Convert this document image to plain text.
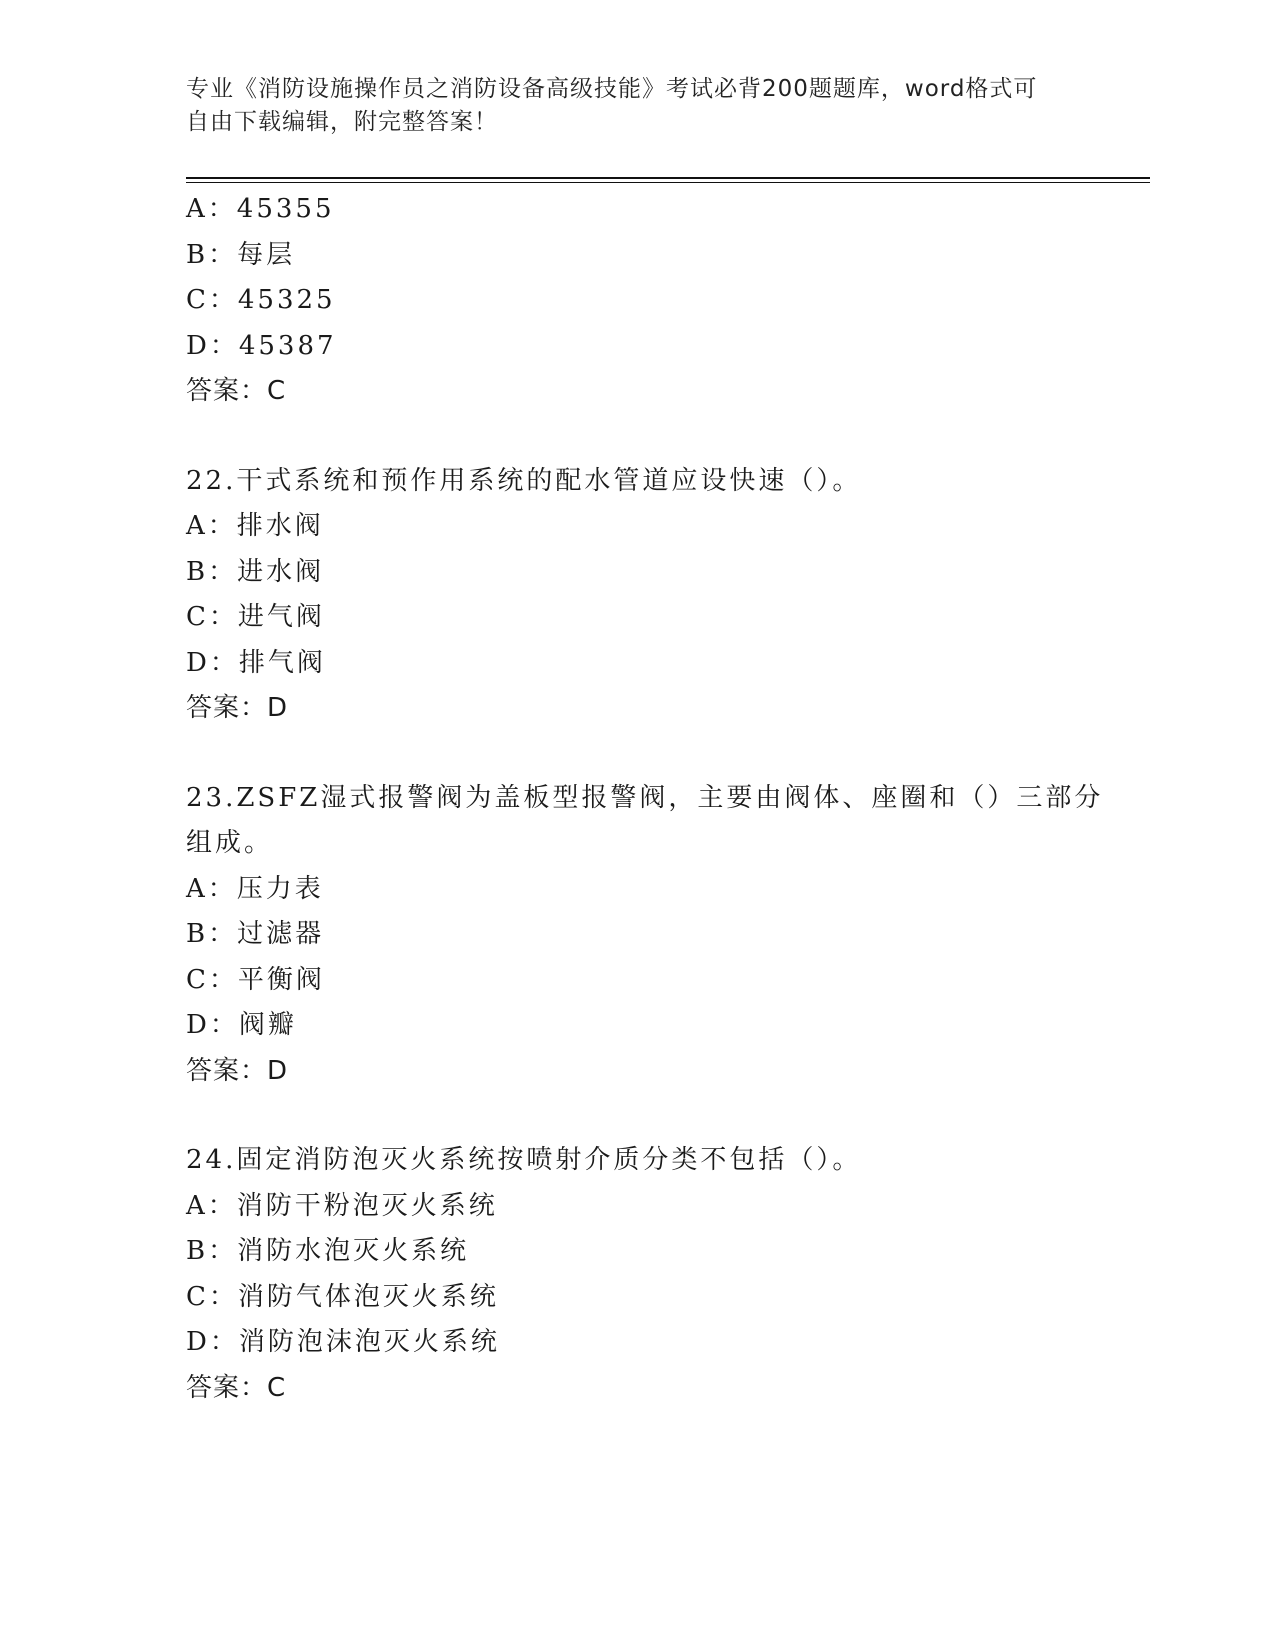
专业《消防设施操作员之消防设备高级技能》考试必背200题题库，word格式可
自由下载编辑，附完整答案！
A：45355
B：每层
C：45325
D：45387
答案：C
22.干式系统和预作用系统的配水管道应设快速（）。
A：排水阀
B：进水阀
C：进气阀
D：排气阀
答案：D
23.ZSFZ湿式报警阀为盖板型报警阀，主要由阀体、座圈和（）三部分
组成。
A：压力表
B：过滤器
C：平衡阀
D：阀瓣
答案：D
24.固定消防泡灭火系统按喷射介质分类不包括（）。
A：消防干粉泡灭火系统
B：消防水泡灭火系统
C：消防气体泡灭火系统
D：消防泡沫泡灭火系统
答案：C
